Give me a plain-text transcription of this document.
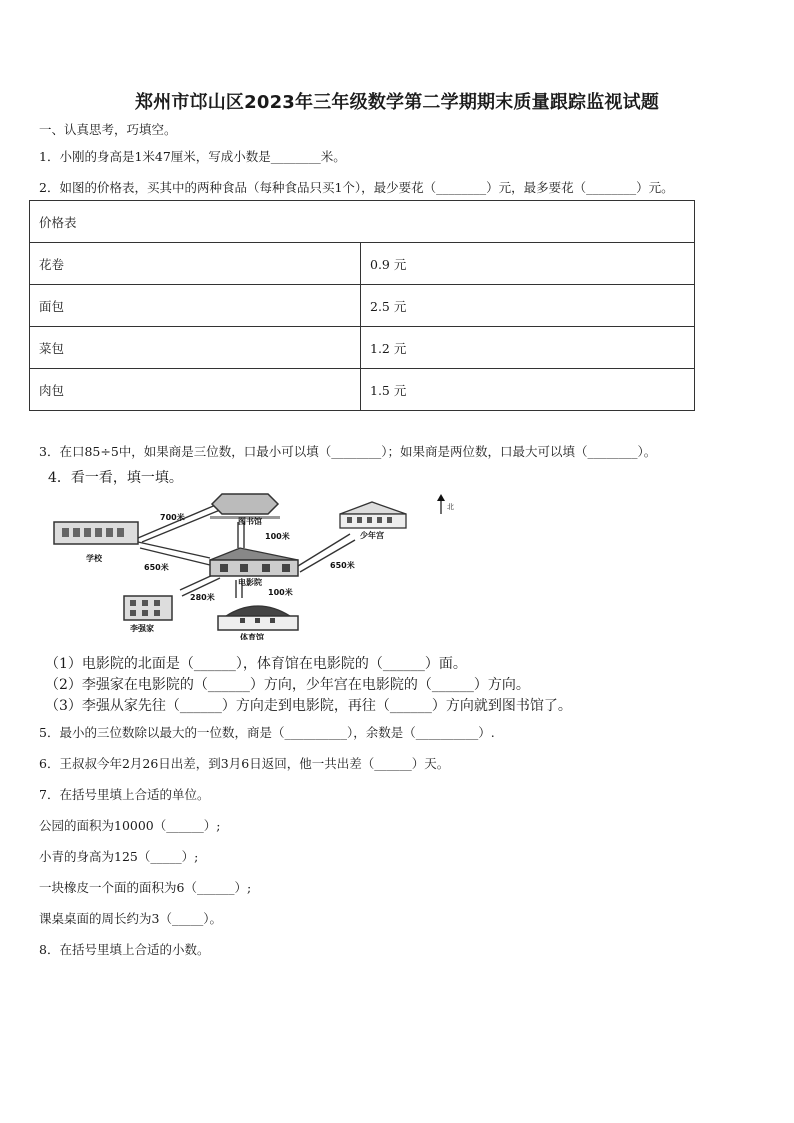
郑州市邙山区2023年三年级数学第二学期期末质量跟踪监视试题
一、认真思考，巧填空。
1．小刚的身高是1米47厘米，写成小数是________米。
2．如图的价格表，买其中的两种食品（每种食品只买1个），最少要花（________）元，最多要花（________）元。
价格表	
花卷	0.9 元
面包	2.5 元
菜包	1.2 元
肉包	1.5 元
3．在口85÷5中，如果商是三位数，口最小可以填（________）；如果商是两位数，口最大可以填（________）。
4．看一看，填一填。
学校
图书馆
少年宫
电影院
李强家
体育馆
700米
100米
650米	650米
280米
100米
北
（1）电影院的北面是（______），体育馆在电影院的（______）面。
（2）李强家在电影院的（______）方向，少年宫在电影院的（______）方向。
（3）李强从家先往（______）方向走到电影院，再往（______）方向就到图书馆了。
5．最小的三位数除以最大的一位数，商是（__________），余数是（__________）.
6．王叔叔今年2月26日出差，到3月6日返回，他一共出差（______）天。
7．在括号里填上合适的单位。
公园的面积为10000（______）;
小青的身高为125（_____）;
一块橡皮一个面的面积为6（______）;
课桌桌面的周长约为3（_____）。
8．在括号里填上合适的小数。
